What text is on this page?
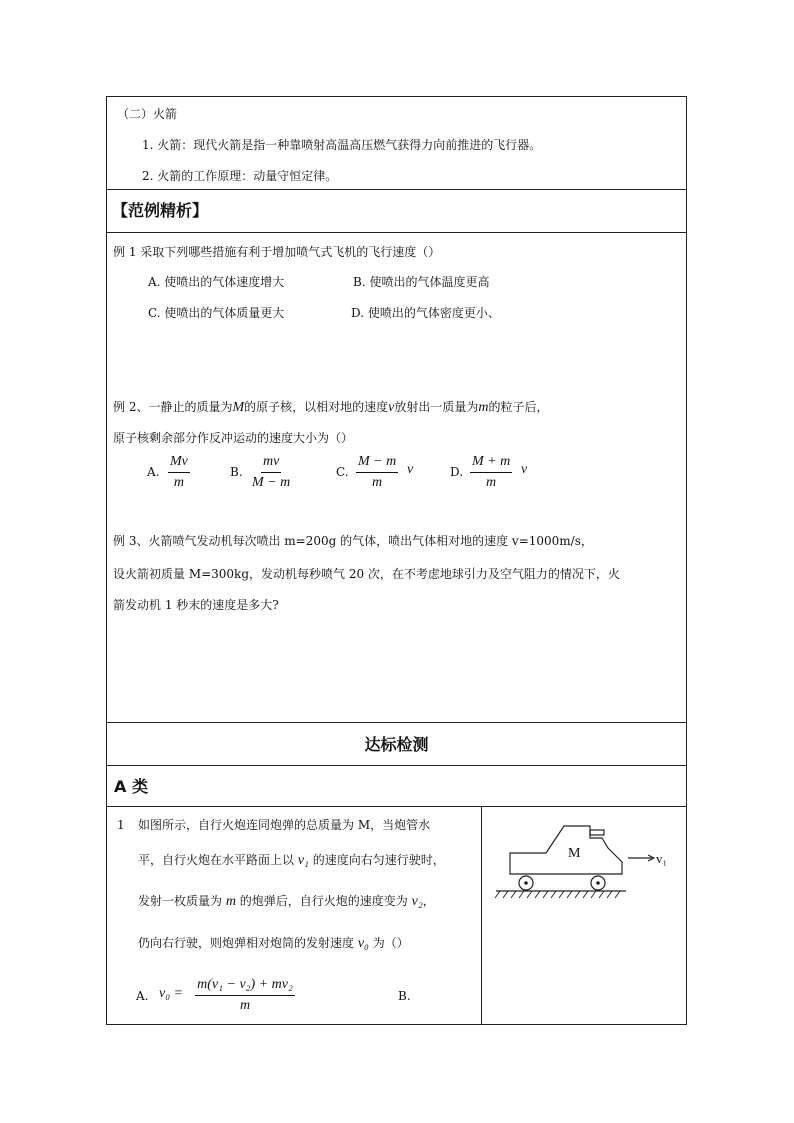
（二）火箭
1. 火箭：现代火箭是指一种靠喷射高温高压燃气获得力向前推进的飞行器。
2. 火箭的工作原理：动量守恒定律。
【范例精析】
例 1 采取下列哪些措施有利于增加喷气式飞机的飞行速度（）
A. 使喷出的气体速度增大	B. 使喷出的气体温度更高
C. 使喷出的气体质量更大	D. 使喷出的气体密度更小、
例 2、一静止的质量为M的原子核，以相对地的速度v放射出一质量为m的粒子后，
原子核剩余部分作反冲运动的速度大小为（）
A. $\frac{Mv}{m}$	B. $\frac{mv}{M - m}$	C. $\frac{M - m}{m}$ v	D. $\frac{M + m}{m}$ v
例 3、火箭喷气发动机每次喷出 m=200g 的气体，喷出气体相对地的速度 v=1000m/s，
设火箭初质量 M=300kg，发动机每秒喷气 20 次，在不考虑地球引力及空气阻力的情况下，火
箭发动机 1 秒末的速度是多大?
达标检测
A 类
1 如图所示，自行火炮连同炮弹的总质量为 M，当炮管水
平，自行火炮在水平路面上以 v₁ 的速度向右匀速行驶时，
发射一枚质量为 m 的炮弹后，自行火炮的速度变为 v₂，
仍向右行驶，则炮弹相对炮筒的发射速度 v₀ 为（）
A. $v_0 = \frac{\text{m(v₁ − v₂) + mv₂}}{m}$	B.
M	v₁
